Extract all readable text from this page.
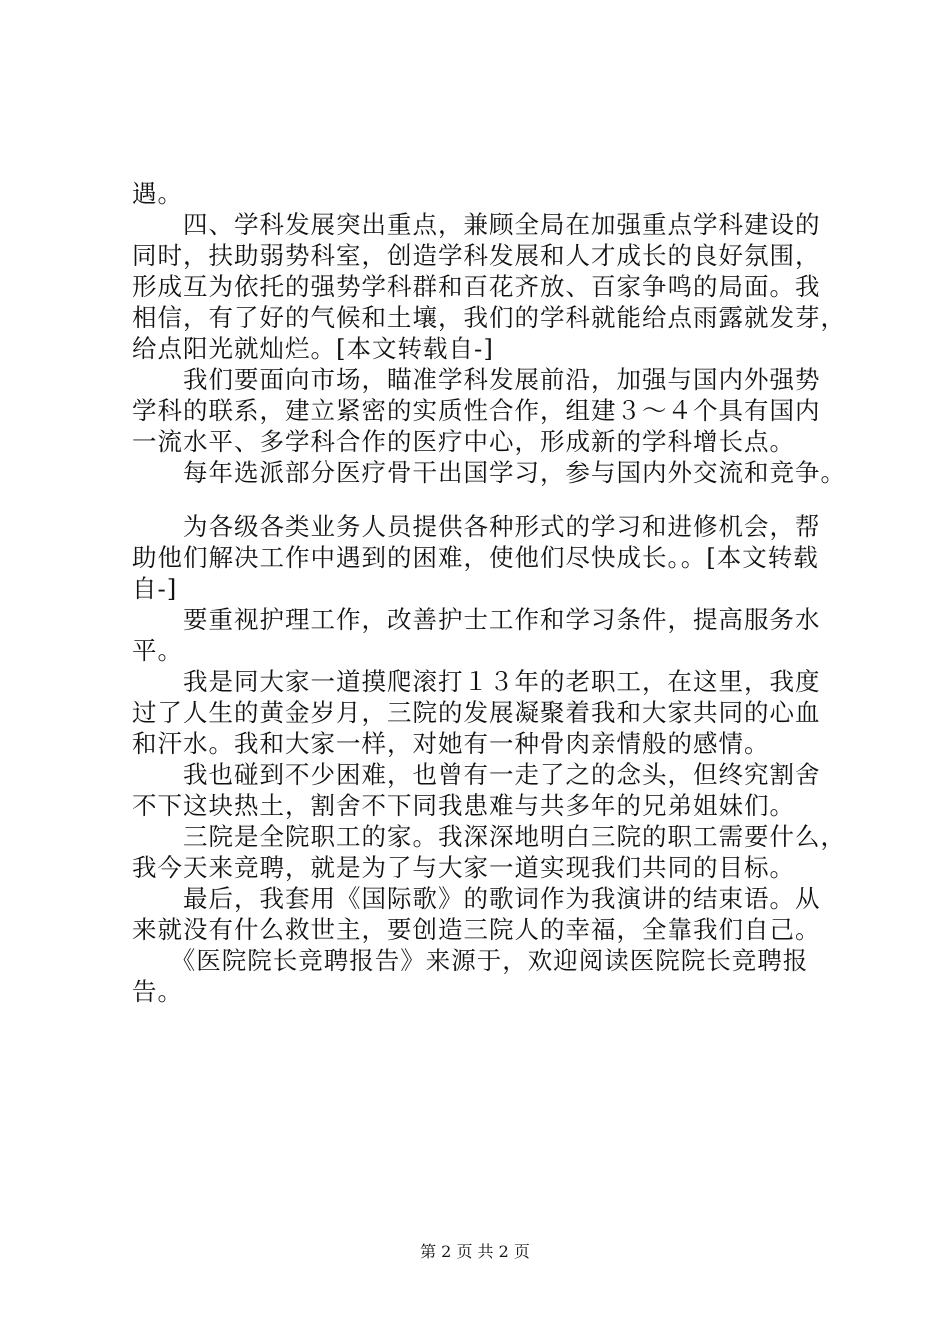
遇。
　　四、学科发展突出重点，兼顾全局在加强重点学科建设的
同时，扶助弱势科室，创造学科发展和人才成长的良好氛围，
形成互为依托的强势学科群和百花齐放、百家争鸣的局面。我
相信，有了好的气候和土壤，我们的学科就能给点雨露就发芽，
给点阳光就灿烂。[本文转载自-]
　　我们要面向市场，瞄准学科发展前沿，加强与国内外强势
学科的联系，建立紧密的实质性合作，组建３～４个具有国内
一流水平、多学科合作的医疗中心，形成新的学科增长点。
　　每年选派部分医疗骨干出国学习，参与国内外交流和竞争。
　　为各级各类业务人员提供各种形式的学习和进修机会，帮
助他们解决工作中遇到的困难，使他们尽快成长。。[本文转载
自-]
　　要重视护理工作，改善护士工作和学习条件，提高服务水
平。
　　我是同大家一道摸爬滚打１３年的老职工，在这里，我度
过了人生的黄金岁月，三院的发展凝聚着我和大家共同的心血
和汗水。我和大家一样，对她有一种骨肉亲情般的感情。
　　我也碰到不少困难，也曾有一走了之的念头，但终究割舍
不下这块热土，割舍不下同我患难与共多年的兄弟姐妹们。
　　三院是全院职工的家。我深深地明白三院的职工需要什么，
我今天来竞聘，就是为了与大家一道实现我们共同的目标。
　　最后，我套用《国际歌》的歌词作为我演讲的结束语。从
来就没有什么救世主，要创造三院人的幸福，全靠我们自己。
　　《医院院长竞聘报告》来源于，欢迎阅读医院院长竞聘报
告。
第 2 页 共 2 页
